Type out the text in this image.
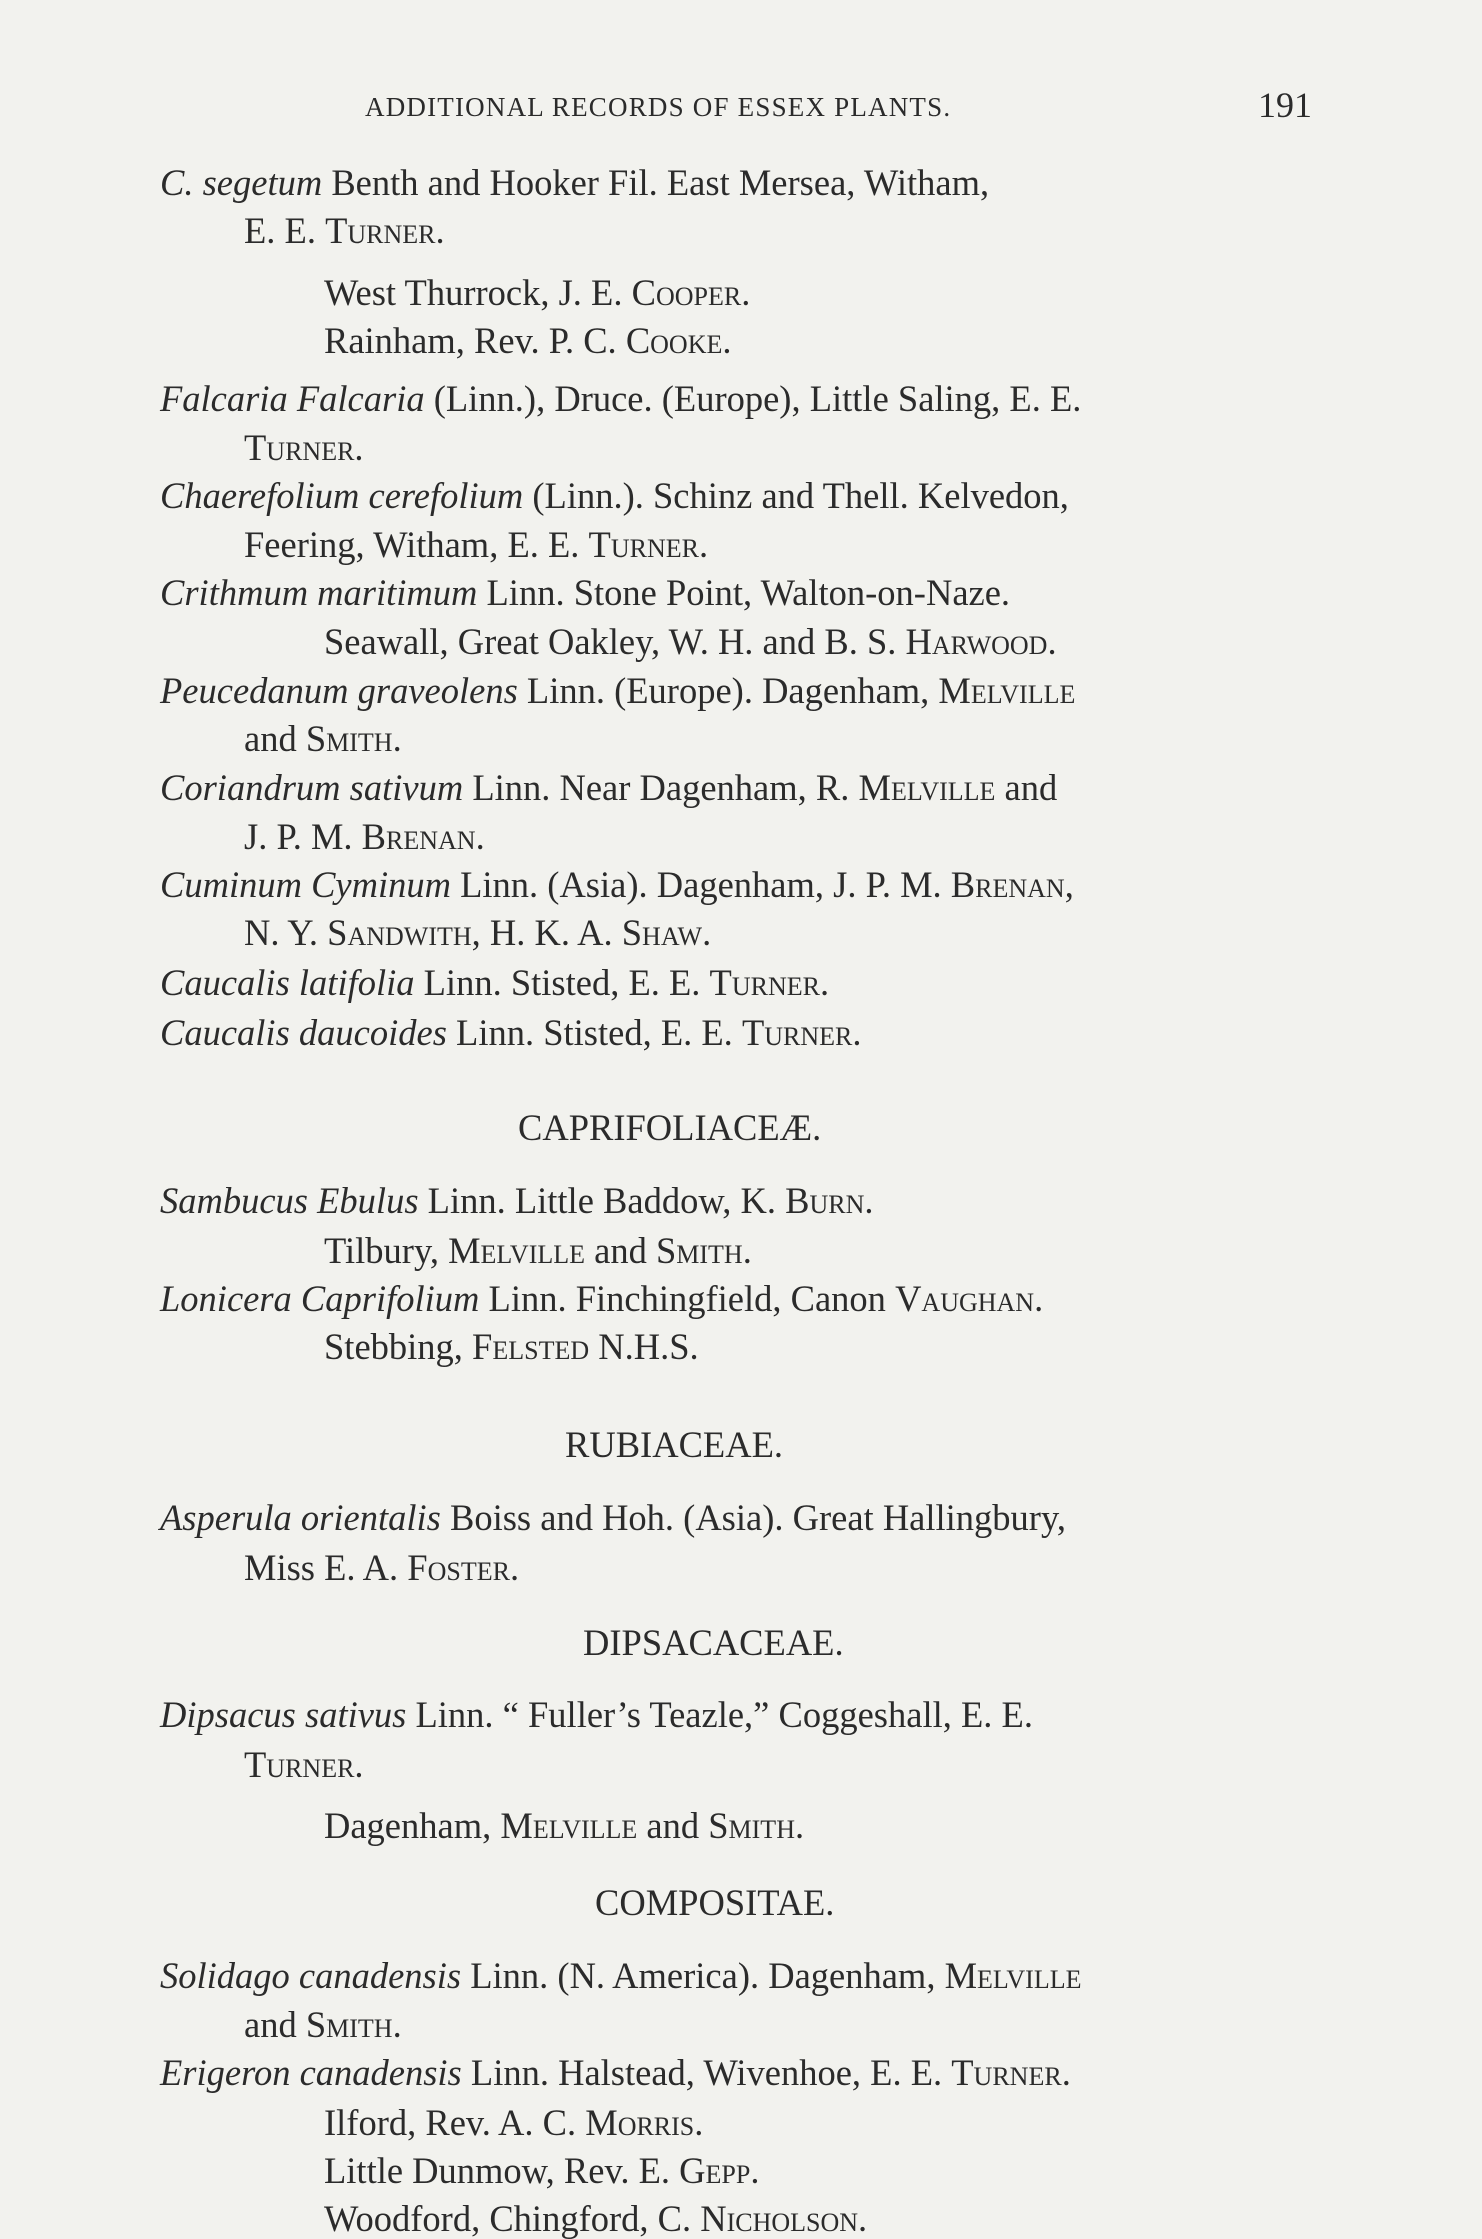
ADDITIONAL RECORDS OF ESSEX PLANTS.	191
C. segetum Benth and Hooker Fil. East Mersea, Witham,
E. E. Turner.
West Thurrock, J. E. Cooper.
Rainham, Rev. P. C. Cooke.
Falcaria Falcaria (Linn.), Druce. (Europe), Little Saling, E. E.
Turner.
Chaerefolium cerefolium (Linn.). Schinz and Thell. Kelvedon,
Feering, Witham, E. E. Turner.
Crithmum maritimum Linn. Stone Point, Walton-on-Naze.
Seawall, Great Oakley, W. H. and B. S. Harwood.
Peucedanum graveolens Linn. (Europe). Dagenham, Melville
and Smith.
Coriandrum sativum Linn. Near Dagenham, R. Melville and
J. P. M. Brenan.
Cuminum Cyminum Linn. (Asia). Dagenham, J. P. M. Brenan,
N. Y. Sandwith, H. K. A. Shaw.
Caucalis latifolia Linn. Stisted, E. E. Turner.
Caucalis daucoides Linn. Stisted, E. E. Turner.
CAPRIFOLIACEÆ.
Sambucus Ebulus Linn. Little Baddow, K. Burn.
Tilbury, Melville and Smith.
Lonicera Caprifolium Linn. Finchingfield, Canon Vaughan.
Stebbing, Felsted N.H.S.
RUBIACEAE.
Asperula orientalis Boiss and Hoh. (Asia). Great Hallingbury,
Miss E. A. Foster.
DIPSACACEAE.
Dipsacus sativus Linn. “ Fuller’s Teazle,” Coggeshall, E. E.
Turner.
Dagenham, Melville and Smith.
COMPOSITAE.
Solidago canadensis Linn. (N. America). Dagenham, Melville
and Smith.
Erigeron canadensis Linn. Halstead, Wivenhoe, E. E. Turner.
Ilford, Rev. A. C. Morris.
Little Dunmow, Rev. E. Gepp.
Woodford, Chingford, C. Nicholson.
